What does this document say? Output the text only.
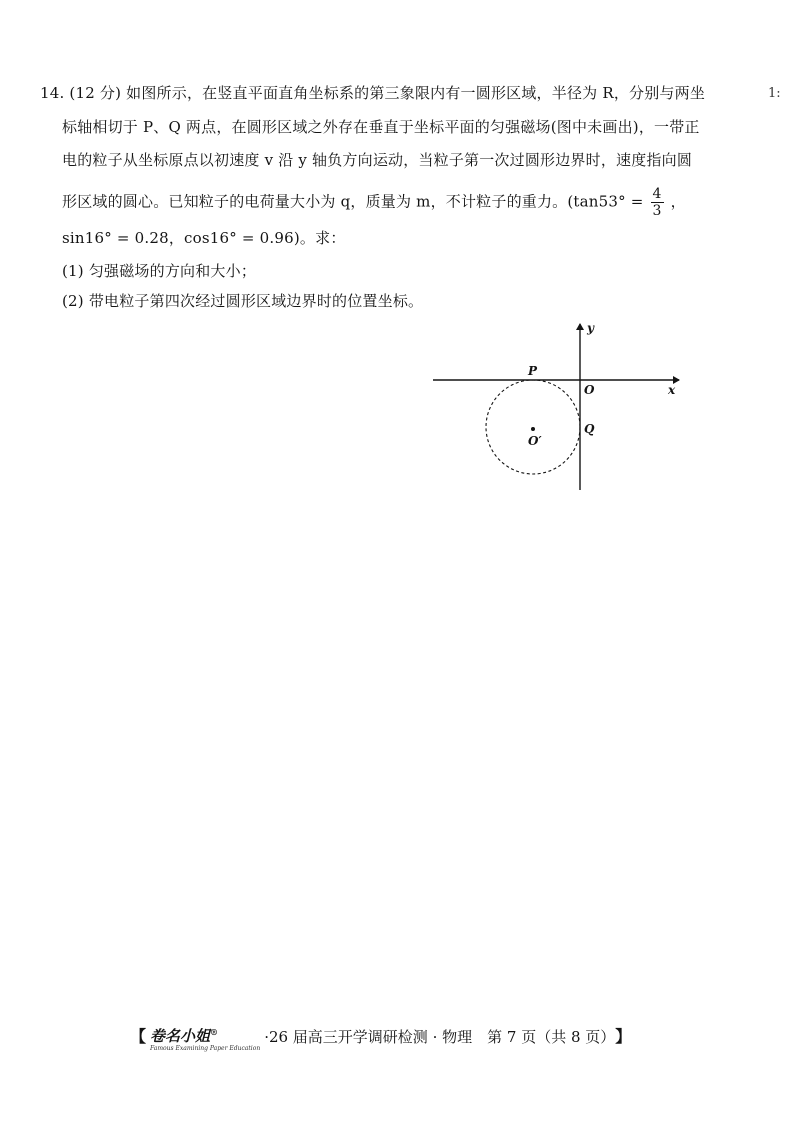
1:
14. (12 分) 如图所示，在竖直平面直角坐标系的第三象限内有一圆形区域，半径为 R，分别与两坐
标轴相切于 P、Q 两点，在圆形区域之外存在垂直于坐标平面的匀强磁场(图中未画出)，一带正
电的粒子从坐标原点以初速度 v 沿 y 轴负方向运动，当粒子第一次过圆形边界时，速度指向圆
形区域的圆心。已知粒子的电荷量大小为 q，质量为 m，不计粒子的重力。($\tan 53^\circ = \frac{4}{3}$ ，
sin16° = 0.28，cos16° = 0.96)。求：
(1) 匀强磁场的方向和大小；
(2) 带电粒子第四次经过圆形区域边界时的位置坐标。
y
x
P
O
Q
O′
【 卷名小姐®
Famous Examining Paper Education
·26 届高三开学调研检测 · 物理　第 7 页（共 8 页） 】
